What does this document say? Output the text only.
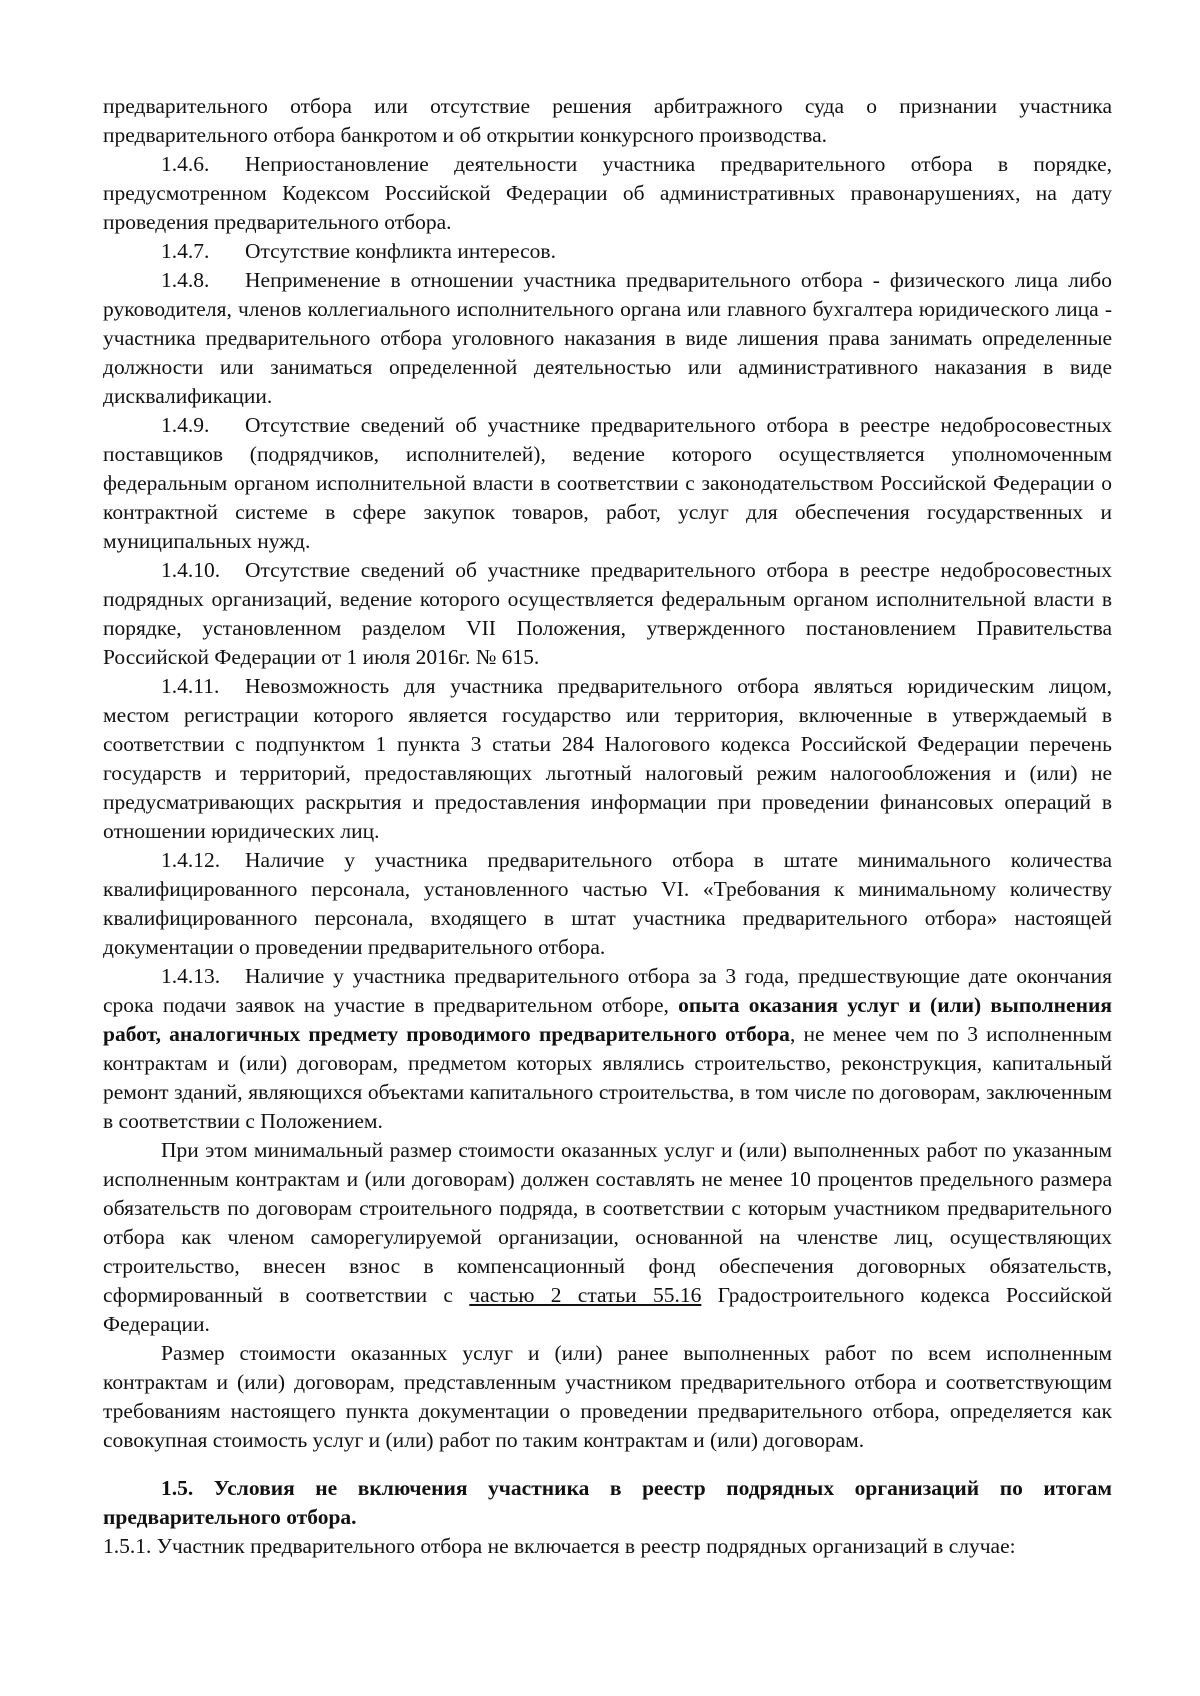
предварительного отбора или отсутствие решения арбитражного суда о признании участника предварительного отбора банкротом и об открытии конкурсного производства.

1.4.6. Неприостановление деятельности участника предварительного отбора в порядке, предусмотренном Кодексом Российской Федерации об административных правонарушениях, на дату проведения предварительного отбора.

1.4.7. Отсутствие конфликта интересов.

1.4.8. Неприменение в отношении участника предварительного отбора - физического лица либо руководителя, членов коллегиального исполнительного органа или главного бухгалтера юридического лица - участника предварительного отбора уголовного наказания в виде лишения права занимать определенные должности или заниматься определенной деятельностью или административного наказания в виде дисквалификации.

1.4.9. Отсутствие сведений об участнике предварительного отбора в реестре недобросовестных поставщиков (подрядчиков, исполнителей), ведение которого осуществляется уполномоченным федеральным органом исполнительной власти в соответствии с законодательством Российской Федерации о контрактной системе в сфере закупок товаров, работ, услуг для обеспечения государственных и муниципальных нужд.

1.4.10. Отсутствие сведений об участнике предварительного отбора в реестре недобросовестных подрядных организаций, ведение которого осуществляется федеральным органом исполнительной власти в порядке, установленном разделом VII Положения, утвержденного постановлением Правительства Российской Федерации от 1 июля 2016г. № 615.

1.4.11. Невозможность для участника предварительного отбора являться юридическим лицом, местом регистрации которого является государство или территория, включенные в утверждаемый в соответствии с подпунктом 1 пункта 3 статьи 284 Налогового кодекса Российской Федерации перечень государств и территорий, предоставляющих льготный налоговый режим налогообложения и (или) не предусматривающих раскрытия и предоставления информации при проведении финансовых операций в отношении юридических лиц.

1.4.12. Наличие у участника предварительного отбора в штате минимального количества квалифицированного персонала, установленного частью VI. «Требования к минимальному количеству квалифицированного персонала, входящего в штат участника предварительного отбора» настоящей документации о проведении предварительного отбора.

1.4.13. Наличие у участника предварительного отбора за 3 года, предшествующие дате окончания срока подачи заявок на участие в предварительном отборе, опыта оказания услуг и (или) выполнения работ, аналогичных предмету проводимого предварительного отбора, не менее чем по 3 исполненным контрактам и (или) договорам, предметом которых являлись строительство, реконструкция, капитальный ремонт зданий, являющихся объектами капитального строительства, в том числе по договорам, заключенным в соответствии с Положением.

При этом минимальный размер стоимости оказанных услуг и (или) выполненных работ по указанным исполненным контрактам и (или договорам) должен составлять не менее 10 процентов предельного размера обязательств по договорам строительного подряда, в соответствии с которым участником предварительного отбора как членом саморегулируемой организации, основанной на членстве лиц, осуществляющих строительство, внесен взнос в компенсационный фонд обеспечения договорных обязательств, сформированный в соответствии с частью 2 статьи 55.16 Градостроительного кодекса Российской Федерации.

Размер стоимости оказанных услуг и (или) ранее выполненных работ по всем исполненным контрактам и (или) договорам, представленным участником предварительного отбора и соответствующим требованиям настоящего пункта документации о проведении предварительного отбора, определяется как совокупная стоимость услуг и (или) работ по таким контрактам и (или) договорам.

1.5. Условия не включения участника в реестр подрядных организаций по итогам предварительного отбора.

1.5.1. Участник предварительного отбора не включается в реестр подрядных организаций в случае:
